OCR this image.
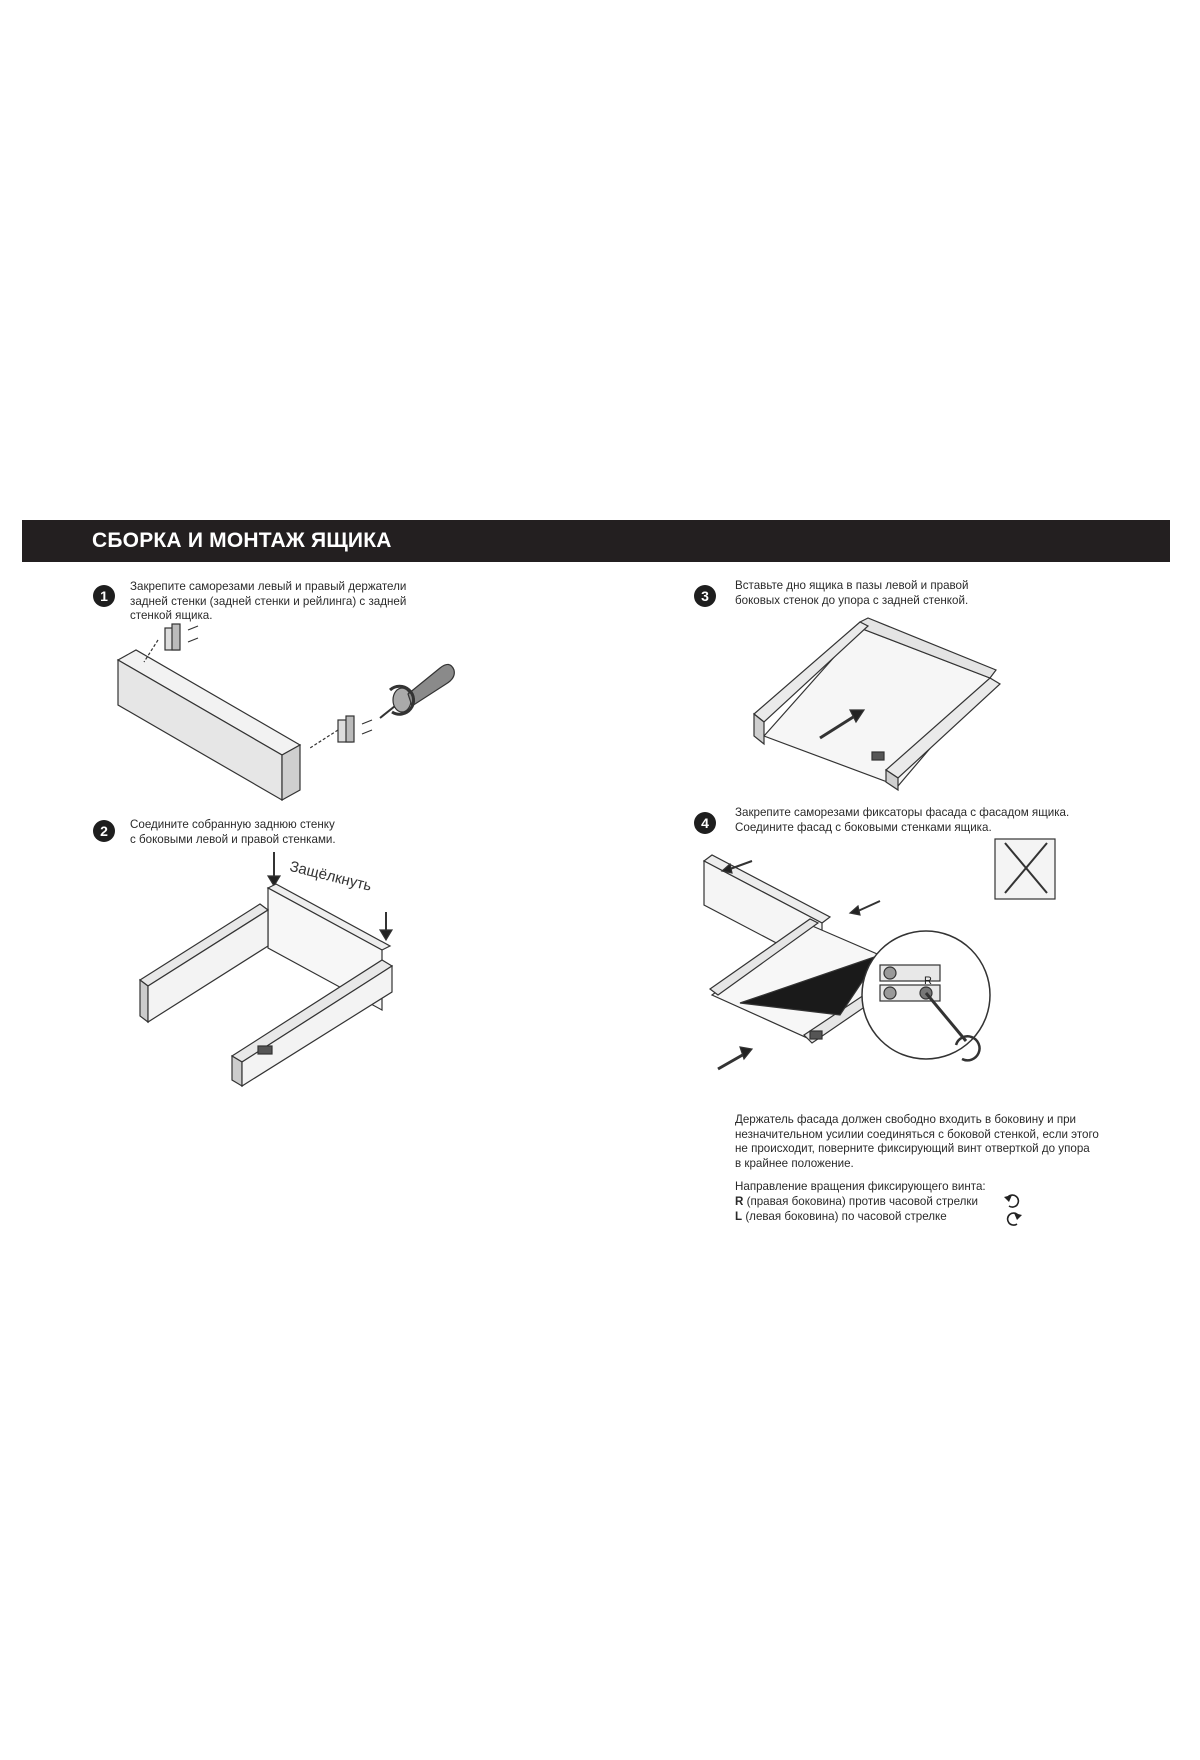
СБОРКА И МОНТАЖ ЯЩИКА
1
Закрепите саморезами левый и правый держатели
задней стенки (задней стенки и рейлинга) с задней
стенкой ящика.
2	Соедините собранную заднюю стенку
с боковыми левой и правой стенками.
Защёлкнуть
3
Вставьте дно ящика в пазы левой и правой
боковых стенок до упора с задней стенкой.
4
Закрепите саморезами фиксаторы фасада с фасадом ящика.
Соедините фасад с боковыми стенками ящика.
R
Держатель фасада должен свободно входить в боковину и при
незначительном усилии соединяться с боковой стенкой, если этого
не происходит, поверните фиксирующий винт отверткой до упора
в крайнее положение.
Направление вращения фиксирующего винта:
R (правая боковина) против часовой стрелки
L (левая боковина) по часовой стрелке
